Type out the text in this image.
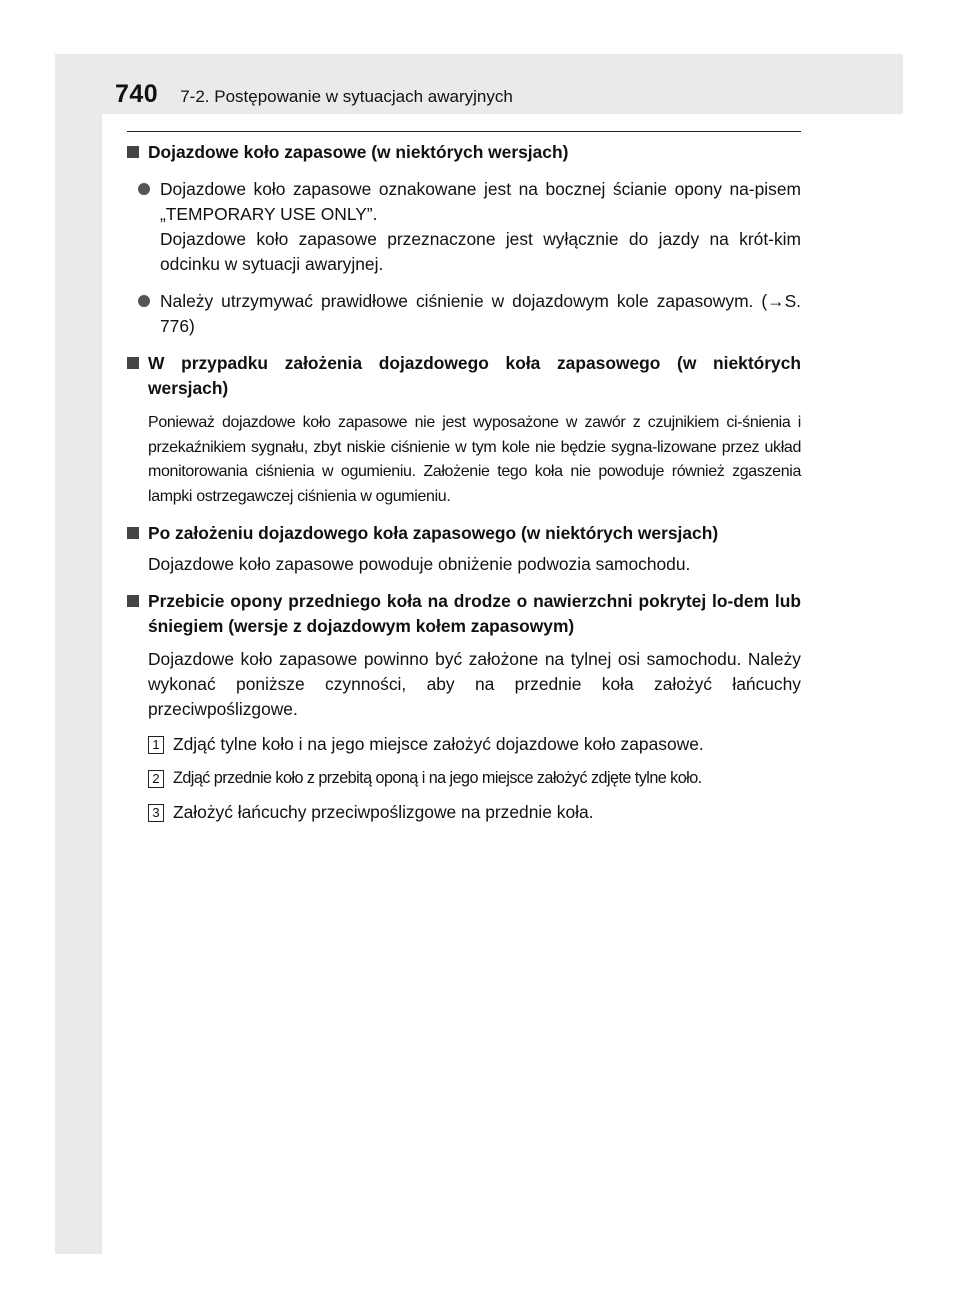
740 7-2. Postępowanie w sytuacjach awaryjnych
Dojazdowe koło zapasowe (w niektórych wersjach)
Dojazdowe koło zapasowe oznakowane jest na bocznej ścianie opony na-pisem „TEMPORARY USE ONLY”.
Dojazdowe koło zapasowe przeznaczone jest wyłącznie do jazdy na krót-kim odcinku w sytuacji awaryjnej.
Należy utrzymywać prawidłowe ciśnienie w dojazdowym kole zapasowym. (→S. 776)
W przypadku założenia dojazdowego koła zapasowego (w niektórych wersjach)
Ponieważ dojazdowe koło zapasowe nie jest wyposażone w zawór z czujnikiem ci-śnienia i przekaźnikiem sygnału, zbyt niskie ciśnienie w tym kole nie będzie sygna-lizowane przez układ monitorowania ciśnienia w ogumieniu. Założenie tego koła nie powoduje również zgaszenia lampki ostrzegawczej ciśnienia w ogumieniu.
Po założeniu dojazdowego koła zapasowego (w niektórych wersjach)
Dojazdowe koło zapasowe powoduje obniżenie podwozia samochodu.
Przebicie opony przedniego koła na drodze o nawierzchni pokrytej lo-dem lub śniegiem (wersje z dojazdowym kołem zapasowym)
Dojazdowe koło zapasowe powinno być założone na tylnej osi samochodu. Należy wykonać poniższe czynności, aby na przednie koła założyć łańcuchy przeciwpoślizgowe.
1 Zdjąć tylne koło i na jego miejsce założyć dojazdowe koło zapasowe.
2 Zdjąć przednie koło z przebitą oponą i na jego miejsce założyć zdjęte tylne koło.
3 Założyć łańcuchy przeciwpoślizgowe na przednie koła.
